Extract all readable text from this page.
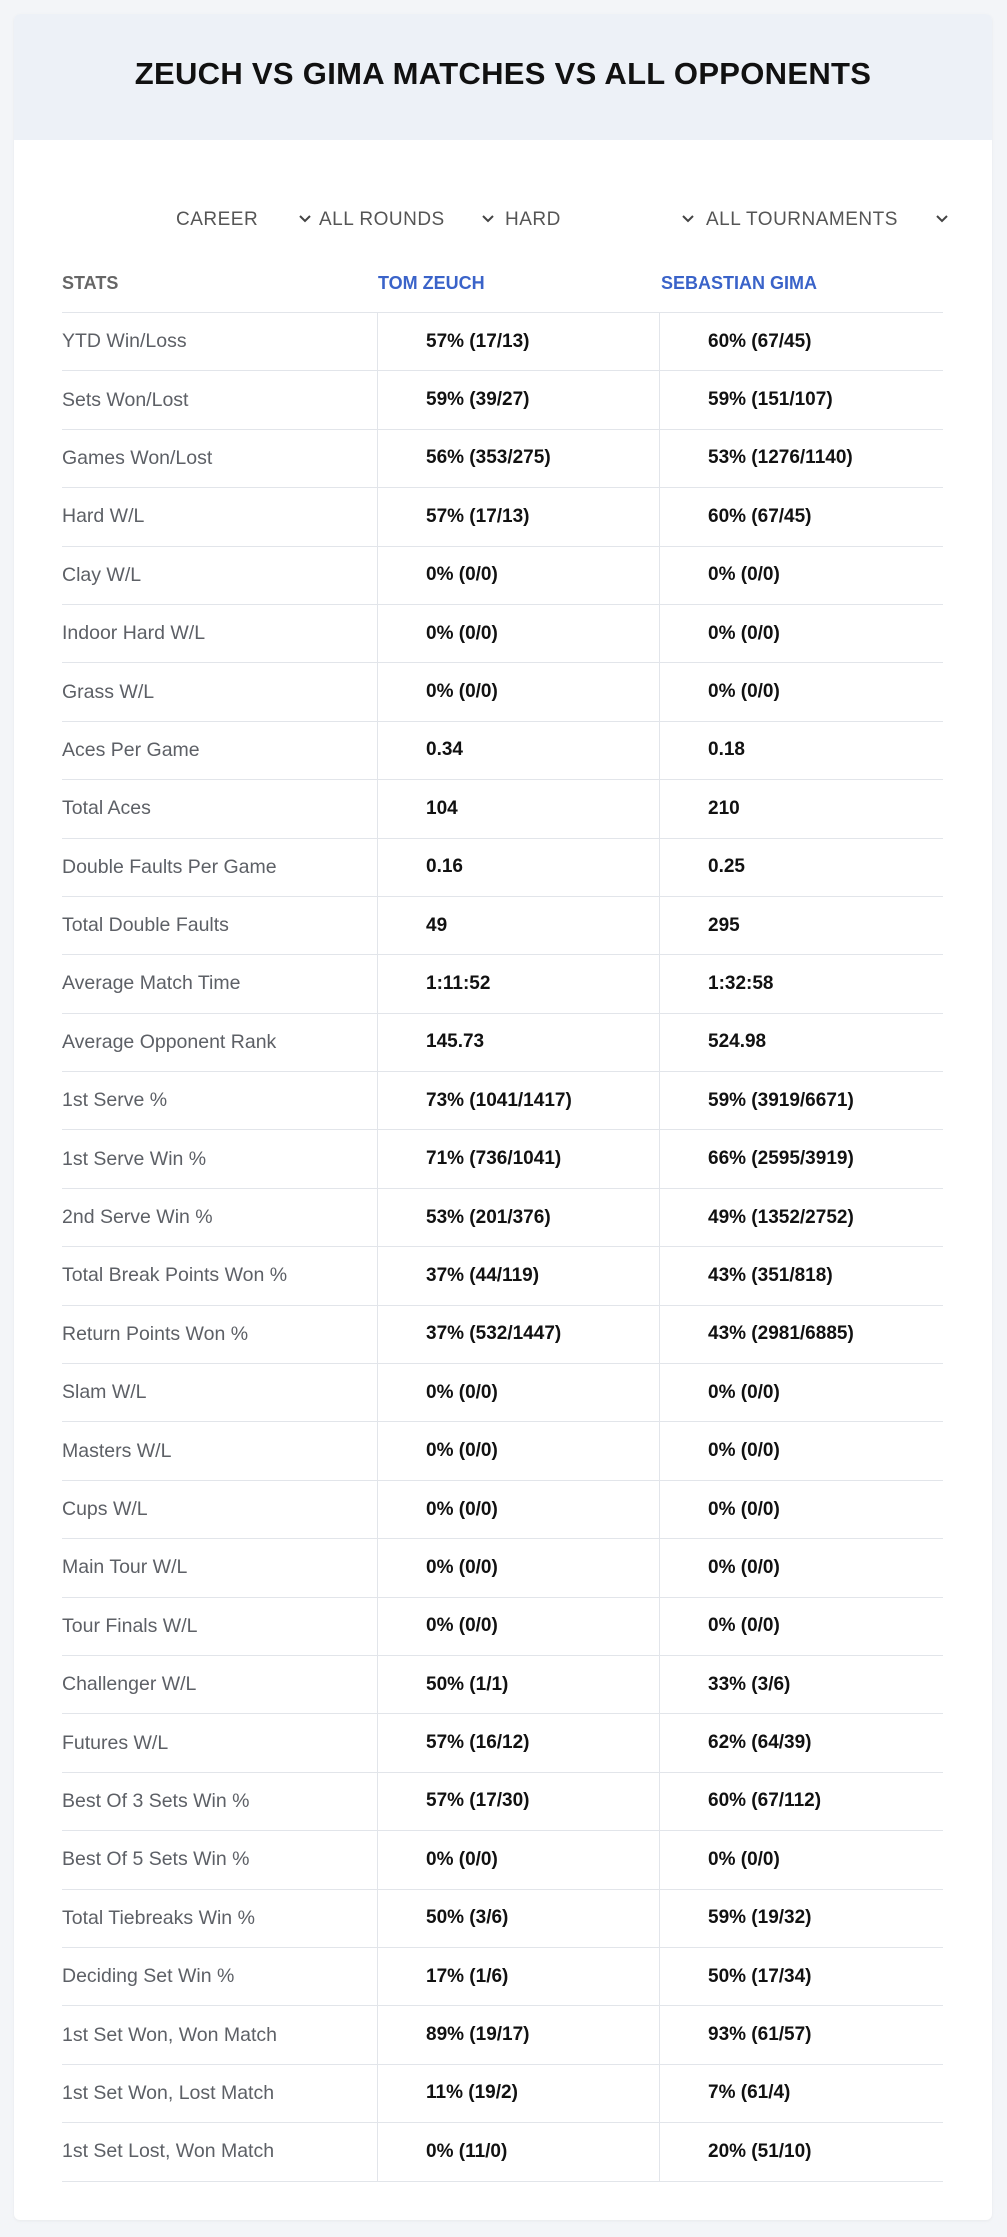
ZEUCH VS GIMA MATCHES VS ALL OPPONENTS
CAREER	ALL ROUNDS	HARD	ALL TOURNAMENTS
STATS	TOM ZEUCH	SEBASTIAN GIMA
YTD Win/Loss	57% (17/13)	60% (67/45)
Sets Won/Lost	59% (39/27)	59% (151/107)
Games Won/Lost	56% (353/275)	53% (1276/1140)
Hard W/L	57% (17/13)	60% (67/45)
Clay W/L	0% (0/0)	0% (0/0)
Indoor Hard W/L	0% (0/0)	0% (0/0)
Grass W/L	0% (0/0)	0% (0/0)
Aces Per Game	0.34	0.18
Total Aces	104	210
Double Faults Per Game	0.16	0.25
Total Double Faults	49	295
Average Match Time	1:11:52	1:32:58
Average Opponent Rank	145.73	524.98
1st Serve %	73% (1041/1417)	59% (3919/6671)
1st Serve Win %	71% (736/1041)	66% (2595/3919)
2nd Serve Win %	53% (201/376)	49% (1352/2752)
Total Break Points Won %	37% (44/119)	43% (351/818)
Return Points Won %	37% (532/1447)	43% (2981/6885)
Slam W/L	0% (0/0)	0% (0/0)
Masters W/L	0% (0/0)	0% (0/0)
Cups W/L	0% (0/0)	0% (0/0)
Main Tour W/L	0% (0/0)	0% (0/0)
Tour Finals W/L	0% (0/0)	0% (0/0)
Challenger W/L	50% (1/1)	33% (3/6)
Futures W/L	57% (16/12)	62% (64/39)
Best Of 3 Sets Win %	57% (17/30)	60% (67/112)
Best Of 5 Sets Win %	0% (0/0)	0% (0/0)
Total Tiebreaks Win %	50% (3/6)	59% (19/32)
Deciding Set Win %	17% (1/6)	50% (17/34)
1st Set Won, Won Match	89% (19/17)	93% (61/57)
1st Set Won, Lost Match	11% (19/2)	7% (61/4)
1st Set Lost, Won Match	0% (11/0)	20% (51/10)
